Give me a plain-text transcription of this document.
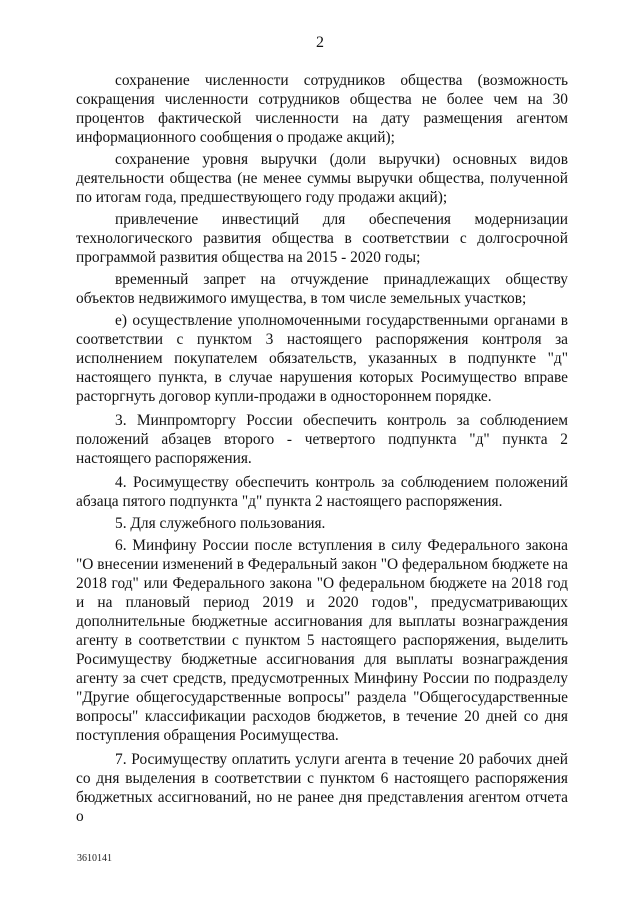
2

сохранение численности сотрудников общества (возможность сокращения численности сотрудников общества не более чем на 30 процентов фактической численности на дату размещения агентом информационного сообщения о продаже акций);

сохранение уровня выручки (доли выручки) основных видов деятельности общества (не менее суммы выручки общества, полученной по итогам года, предшествующего году продажи акций);

привлечение инвестиций для обеспечения модернизации технологического развития общества в соответствии с долгосрочной программой развития общества на 2015 - 2020 годы;

временный запрет на отчуждение принадлежащих обществу объектов недвижимого имущества, в том числе земельных участков;

е) осуществление уполномоченными государственными органами в соответствии с пунктом 3 настоящего распоряжения контроля за исполнением покупателем обязательств, указанных в подпункте "д" настоящего пункта, в случае нарушения которых Росимущество вправе расторгнуть договор купли-продажи в одностороннем порядке.

3. Минпромторгу России обеспечить контроль за соблюдением положений абзацев второго - четвертого подпункта "д" пункта 2 настоящего распоряжения.

4. Росимуществу обеспечить контроль за соблюдением положений абзаца пятого подпункта "д" пункта 2 настоящего распоряжения.

5. Для служебного пользования.

6. Минфину России после вступления в силу Федерального закона "О внесении изменений в Федеральный закон "О федеральном бюджете на 2018 год" или Федерального закона "О федеральном бюджете на 2018 год и на плановый период 2019 и 2020 годов", предусматривающих дополнительные бюджетные ассигнования для выплаты вознаграждения агенту в соответствии с пунктом 5 настоящего распоряжения, выделить Росимуществу бюджетные ассигнования для выплаты вознаграждения агенту за счет средств, предусмотренных Минфину России по подразделу "Другие общегосударственные вопросы" раздела "Общегосударственные вопросы" классификации расходов бюджетов, в течение 20 дней со дня поступления обращения Росимущества.

7. Росимуществу оплатить услуги агента в течение 20 рабочих дней со дня выделения в соответствии с пунктом 6 настоящего распоряжения бюджетных ассигнований, но не ранее дня представления агентом отчета о

3610141
